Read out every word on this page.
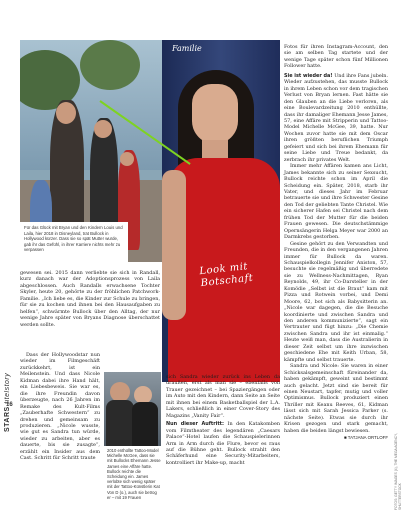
Für das Glück mit Bryan und den Kindern Louis und Laila, hier 2018 in Disneyland, trat Bullock in Hollywood kürzer. Dass sie so spät Mutter wurde, gab ihr das Gefühl, in ihrer Karriere nichts mehr zu verpassen
Familie
Look mit Botschaft

Fotos für ihren Instagram-Account, den sie am selben Tag startete und der wenige Tage später schon fünf Millionen Follower hatte.

Sie ist wieder da! Und ihre Fans jubeln. Wieder aufzustehen, das musste Bullock in ihrem Leben schon vor dem tragischen Verlust von Bryan lernen. Fast hätte sie den Glauben an die Liebe verloren, als eine Boulevardzeitung 2010 enthüllte, dass ihr damaliger Ehemann Jesse James, 57, eine Affäre mit Stripperin und Tattoo-Model Michelle McGee, 39, hatte. Nur Wochen zuvor hatte sie mit dem Oscar ihren größten beruflichen Triumph gefeiert und sich bei ihrem Ehemann für seine Liebe und Treue bedankt, da zerbrach ihr privates Welt.

Immer mehr Affären kamen ans Licht, James bekannte sich zu seiner Sexsucht, Bullock reichte schon im April die Scheidung ein. Später, 2018, starb ihr Vater, und dieses Jahr im Februar betrauerte sie und ihre Schwester Gesine den Tod der geliebten Tante Christel. Wie ein sicherer Hafen sei Christel nach dem frühen Tod der Mutter für die beiden Frauen gewesen. Die deutschstämmige Opernsängerin Helga Meyer war 2000 an Darmkrebs gestorben.

Gesine gehört zu den Verwandten und Freunden, die in den vergangenen Jahren immer für Bullock da waren. Schauspielkollegin Jennifer Aniston, 57, besuchte sie regelmäßig und überredete sie zu Wellness-Nachmittagen, Ryan Reynolds, 49, ihr Co-Darsteller in der Komödie „Selbst ist die Braut“ kam mit Pizza und Rotwein vorbei, und Demi Moore, 62, bot sich als Babysitterin an. „Nicole war dagegen, die die Besuche koordinierte und zwischen Sandra und den anderen kommunizierte“, sagt ein Vertrauter und fügt hinzu: „Die Chemie zwischen Sandra und ihr ist einmalig.“ Heute weiß man, dass die Australierin in dieser Zeit selbst um ihre inzwischen geschiedene Ehe mit Keith Urban, 58, kämpfte und selbst trauerte.

Sandra und Nicole: Sie waren in einer Schicksalsgemeinschaft füreinander da, haben gekämpft, geweint und bestimmt auch gelacht. Jetzt sind sie bereit für einen Neustart, tapfer, mutig und voller Optimismus. Bullock produziert einen Thriller mit Keanu Reeves, 61, Kidman lässt sich mit Sarah Jessica Parker (s. nächste Seite). Etwas sie durch ihr Krisen gezogen und stark gemacht, haben die beiden längst bewiesen.

■ TATJANA ORTLOFF

gewesen sei. 2015 dann verliebte sie sich in Randall, kurz danach war der Adoptionsprozess von Laila abgeschlossen. Auch Randalls erwachsene Tochter Skyler, heute 20, gehörte zu der fröhlichen Patchwork-Familie. „Ich liebe es, die Kinder zur Schule zu bringen, für sie zu kochen und ihnen bei den Hausaufgaben zu helfen“, schwärmte Bullock über den Alltag, der nur wenige Jahre später von Bryans Diagnose überschattet werden sollte.

Dass der Hollywoodstar nun wieder im Filmgeschäft zurückkehrt, ist ein Meilenstein. Und dass Nicole Kidman dabei ihre Hand hält, ein Liebesbeweis. Sie war es, die ihre Freundin davon überzeugte, nach 26 Jahren im Remake des Kult-Films „Zauberhafte Schwestern“ zu drehen und gemeinsam zu produzieren. „Nicole wusste, wie gut es Sandra tun würde, wieder zu arbeiten, aber es dauerte, bis sie zusagte“, erzählt ein Insider aus dem Cast. Schritt für Schritt traute

sich Sandra wieder zurück ins Leben da draußen, erst als man sie – ebenfalls von Trauer gezeichnet – bei Spaziergängen oder im Auto mit den Kindern, dann Seite an Seite mit ihnen bei einem Basketballspiel der L.A. Lakers, schließlich in einer Cover-Story des Magazins „Vanity Fair“.

Nun dieser Auftritt: In den Katakomben vom Filmtheater des legendären „Caesars Palace“-Hotel laufen die Schauspielerinnen Arm in Arm durch die Flure, bevor es raus auf die Bühne geht. Bullock strahlt den Schäferhund eine Security-Mitarbeiters, kontrolliert ihr Make-up, macht

2010 enthüllte Tattoo-Model Michelle McGee, dass sie mit Bullocks Ehemann Jesse James eine Affäre hatte. Bullock reichte die Scheidung ein. James verlobte sich wenig später mit der Tattoo-Künstlerin Kat Von D (o.), auch sie betrog er – mit 19 Frauen
STARS titelstory
16
FOTOS: GETTY IMAGES (4), THE MEGA AGENCY, SHUTTERSTOCK
